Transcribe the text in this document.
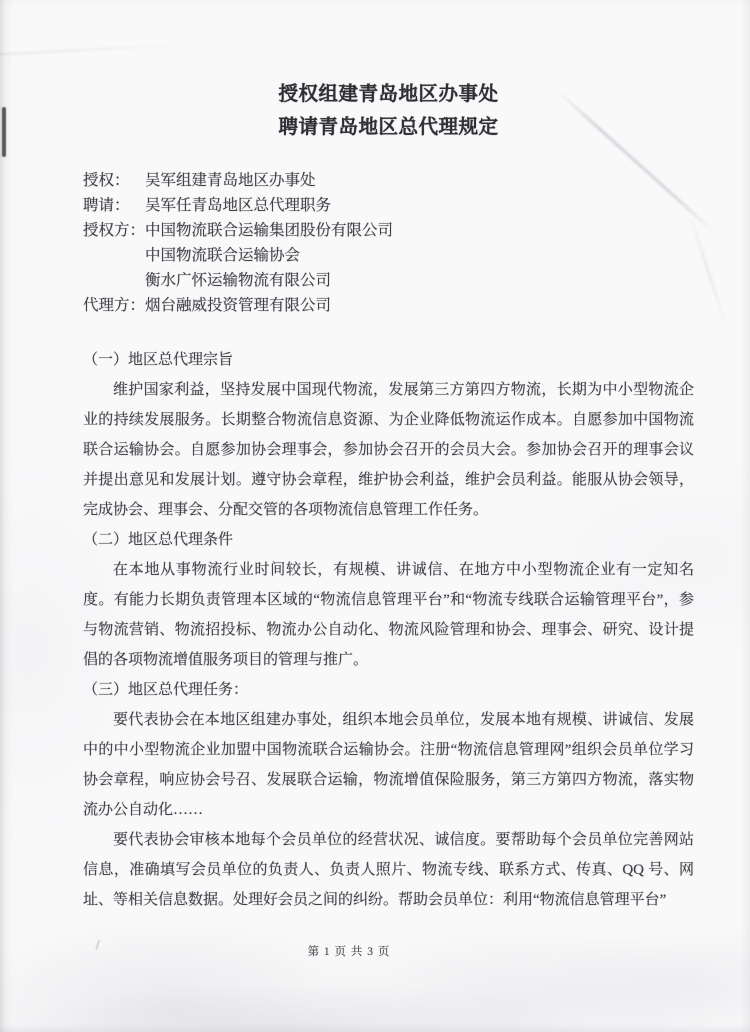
授权组建青岛地区办事处
聘请青岛地区总代理规定
授权： 吴军组建青岛地区办事处
聘请： 吴军任青岛地区总代理职务
授权方：中国物流联合运输集团股份有限公司
中国物流联合运输协会
衡水广怀运输物流有限公司
代理方：烟台融威投资管理有限公司

（一）地区总代理宗旨

维护国家利益，坚持发展中国现代物流，发展第三方第四方物流，长期为中小型物流企业的持续发展服务。长期整合物流信息资源、为企业降低物流运作成本。自愿参加中国物流联合运输协会。自愿参加协会理事会，参加协会召开的会员大会。参加协会召开的理事会议并提出意见和发展计划。遵守协会章程，维护协会利益，维护会员利益。能服从协会领导，完成协会、理事会、分配交管的各项物流信息管理工作任务。

（二）地区总代理条件

在本地从事物流行业时间较长，有规模、讲诚信、在地方中小型物流企业有一定知名度。有能力长期负责管理本区域的“物流信息管理平台”和“物流专线联合运输管理平台”，参与物流营销、物流招投标、物流办公自动化、物流风险管理和协会、理事会、研究、设计提倡的各项物流增值服务项目的管理与推广。

（三）地区总代理任务：

要代表协会在本地区组建办事处，组织本地会员单位，发展本地有规模、讲诚信、发展中的中小型物流企业加盟中国物流联合运输协会。注册“物流信息管理网”组织会员单位学习协会章程，响应协会号召、发展联合运输，物流增值保险服务，第三方第四方物流，落实物流办公自动化……

要代表协会审核本地每个会员单位的经营状况、诚信度。要帮助每个会员单位完善网站信息，准确填写会员单位的负责人、负责人照片、物流专线、联系方式、传真、QQ 号、网址、等相关信息数据。处理好会员之间的纠纷。帮助会员单位：利用“物流信息管理平台”

第 1 页 共 3 页
